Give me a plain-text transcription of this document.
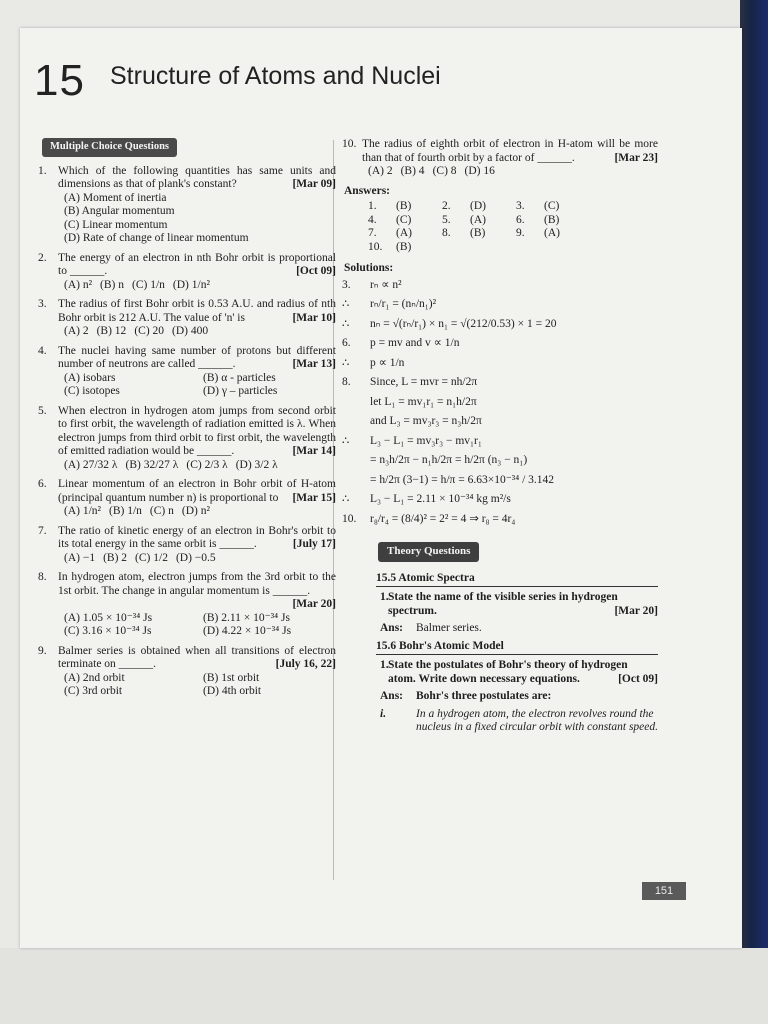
15 Structure of Atoms and Nuclei
Multiple Choice Questions
1. Which of the following quantities has same units and dimensions as that of plank's constant?	[Mar 09]
(A) Moment of inertia
(B) Angular momentum
(C) Linear momentum
(D) Rate of change of linear momentum
2. The energy of an electron in nth Bohr orbit is proportional to ______.	[Oct 09]
(A) n² (B) n (C) 1/n (D) 1/n²
3. The radius of first Bohr orbit is 0.53 A.U. and radius of nth Bohr orbit is 212 A.U. The value of 'n' is	[Mar 10]
(A) 2 (B) 12 (C) 20 (D) 400
4. The nuclei having same number of protons but different number of neutrons are called ______.	[Mar 13]
(A) isobars	(B) α - particles
(C) isotopes	(D) γ – particles
5. When electron in hydrogen atom jumps from second orbit to first orbit, the wavelength of radiation emitted is λ. When electron jumps from third orbit to first orbit, the wavelength of emitted radiation would be ______.	[Mar 14]
(A) 27/32 λ (B) 32/27 λ (C) 2/3 λ (D) 3/2 λ
6. Linear momentum of an electron in Bohr orbit of H-atom (principal quantum number n) is proportional to [Mar 15]
(A) 1/n² (B) 1/n (C) n (D) n²
7. The ratio of kinetic energy of an electron in Bohr's orbit to its total energy in the same orbit is ______.	[July 17]
(A) −1 (B) 2 (C) 1/2 (D) −0.5
8. In hydrogen atom, electron jumps from the 3rd orbit to the 1st orbit. The change in angular momentum is ______.
[Mar 20]
(A) 1.05 × 10⁻³⁴ Js	(B) 2.11 × 10⁻³⁴ Js
(C) 3.16 × 10⁻³⁴ Js	(D) 4.22 × 10⁻³⁴ Js
9. Balmer series is obtained when all transitions of electron terminate on ______.	[July 16, 22]
(A) 2nd orbit	(B) 1st orbit
(C) 3rd orbit	(D) 4th orbit
10. The radius of eighth orbit of electron in H-atom will be more than that of fourth orbit by a factor of ______.	[Mar 23]
(A) 2 (B) 4 (C) 8 (D) 16
Answers:
1.	(B)	2.	(D)	3.	(C)
4.	(C)	5.	(A)	6.	(B)
7.	(A)	8.	(B)	9.	(A)
10.	(B)
Solutions:
3. rₙ ∝ n²
∴ rₙ/r₁ = (nₙ/n₁)²
∴ nₙ = √(rₙ/r₁) × n₁ = √(212/0.53) × 1 = 20
6. p = mv and v ∝ 1/n
∴ p ∝ 1/n
8. Since, L = mvr = nh/2π
let L₁ = mv₁r₁ = n₁h/2π
and L₃ = mv₃r₃ = n₃h/2π
∴ L₃ − L₁ = mv₃r₃ − mv₁r₁
= n₃h/2π − n₁h/2π = h/2π (n₃ − n₁)
= h/2π (3−1) = h/π = 6.63×10⁻³⁴ / 3.142
∴ L₃ − L₁ = 2.11 × 10⁻³⁴ kg m²/s
10. r₈/r₄ = (8/4)² = 2² = 4 ⇒ r₈ = 4r₄
Theory Questions
15.5 Atomic Spectra
1. State the name of the visible series in hydrogen spectrum.	[Mar 20]
Ans: Balmer series.
15.6 Bohr's Atomic Model
1. State the postulates of Bohr's theory of hydrogen atom. Write down necessary equations.	[Oct 09]
Ans: Bohr's three postulates are:
i.	In a hydrogen atom, the electron revolves round the nucleus in a fixed circular orbit with constant speed.
151
